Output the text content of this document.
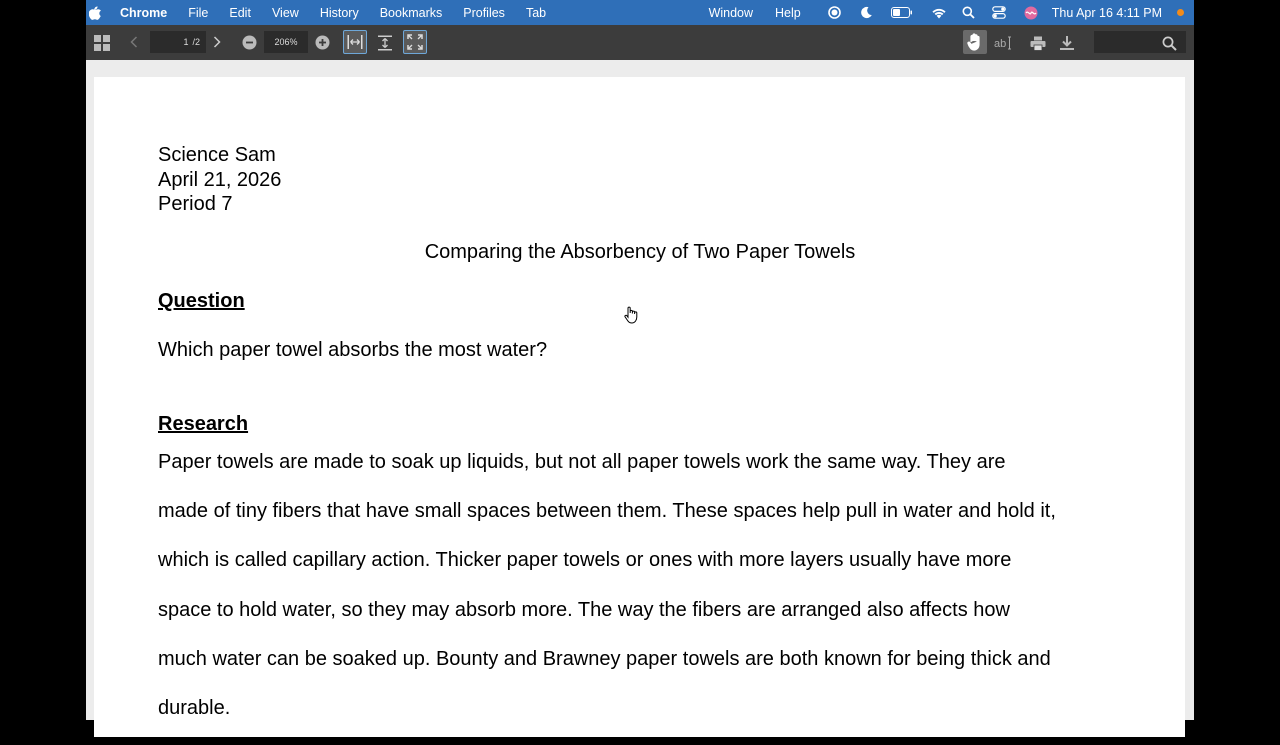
Chrome File Edit View History Bookmarks Profiles Tab	Window Help	Thu Apr 16 4:11 PM
1 /2	206%	ab
Science Sam
April 21, 2026
Period 7
Comparing the Absorbency of Two Paper Towels
Question
Which paper towel absorbs the most water?
Research
Paper towels are made to soak up liquids, but not all paper towels work the same way. They are
made of tiny fibers that have small spaces between them. These spaces help pull in water and hold it,
which is called capillary action. Thicker paper towels or ones with more layers usually have more
space to hold water, so they may absorb more. The way the fibers are arranged also affects how
much water can be soaked up. Bounty and Brawney paper towels are both known for being thick and
durable.
